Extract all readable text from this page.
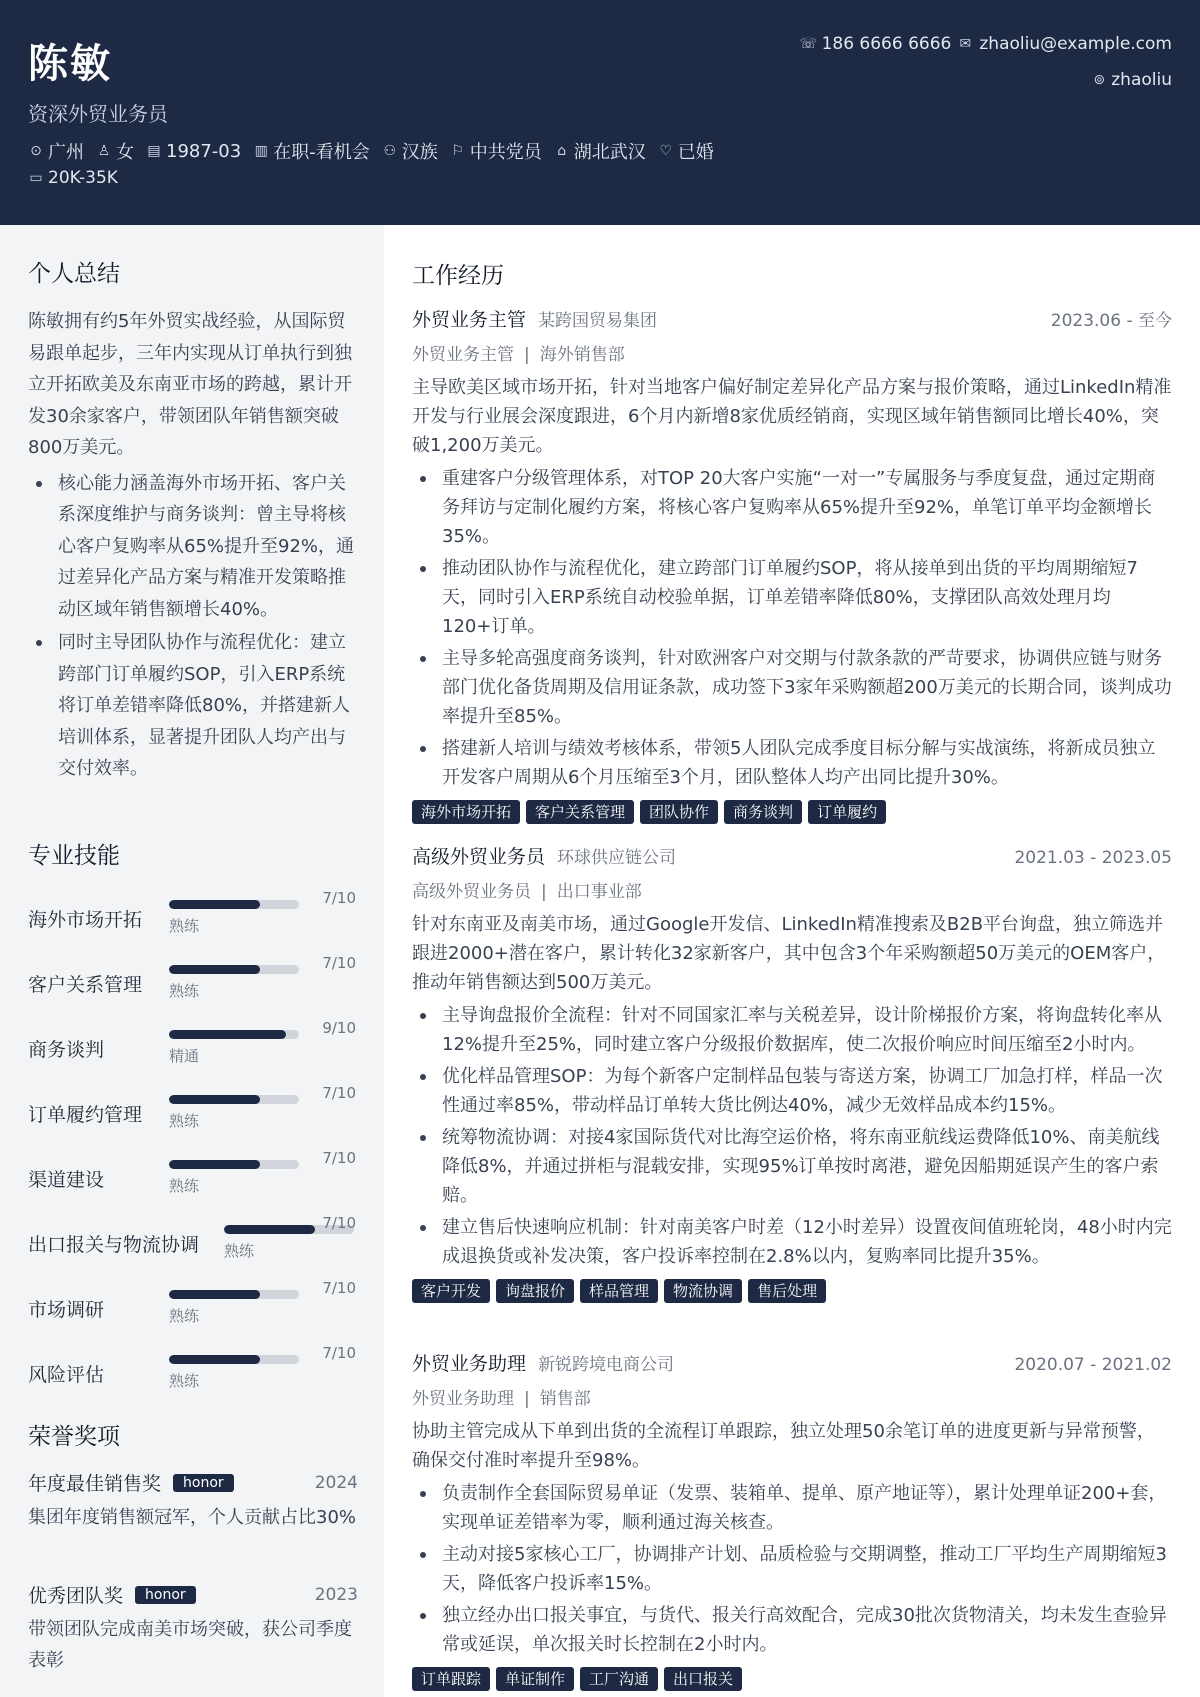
陈敏
资深外贸业务员
☏ 186 6666 6666 ✉ zhaoliu@example.com
⊚ zhaoliu
⊙ 广州 ♙ 女 ▤ 1987-03 ▥ 在职-看机会 ⚇ 汉族 ⚐ 中共党员 ⌂ 湖北武汉 ♡ 已婚
▭ 20K-35K
个人总结
陈敏拥有约5年外贸实战经验，从国际贸易跟单起步，三年内实现从订单执行到独立开拓欧美及东南亚市场的跨越，累计开发30余家客户，带领团队年销售额突破800万美元。
核心能力涵盖海外市场开拓、客户关系深度维护与商务谈判：曾主导将核心客户复购率从65%提升至92%，通过差异化产品方案与精准开发策略推动区域年销售额增长40%。
同时主导团队协作与流程优化：建立跨部门订单履约SOP，引入ERP系统将订单差错率降低80%，并搭建新人培训体系，显著提升团队人均产出与交付效率。
专业技能
海外市场开拓 熟练
7/10
客户关系管理 熟练
7/10
商务谈判	精通
9/10
订单履约管理 熟练
7/10
渠道建设	熟练
7/10
出口报关与物流协调 熟练
7/10
市场调研	熟练
7/10
风险评估	熟练
7/10
荣誉奖项
年度最佳销售奖	honor	2024
集团年度销售额冠军，个人贡献占比30%
优秀团队奖	honor	2023
带领团队完成南美市场突破，获公司季度表彰
工作经历
外贸业务主管 某跨国贸易集团	2023.06 - 至今
外贸业务主管 | 海外销售部
主导欧美区域市场开拓，针对当地客户偏好制定差异化产品方案与报价策略，通过LinkedIn精准开发与行业展会深度跟进，6个月内新增8家优质经销商，实现区域年销售额同比增长40%，突破1,200万美元。
重建客户分级管理体系，对TOP 20大客户实施“一对一”专属服务与季度复盘，通过定期商务拜访与定制化履约方案，将核心客户复购率从65%提升至92%，单笔订单平均金额增长35%。
推动团队协作与流程优化，建立跨部门订单履约SOP，将从接单到出货的平均周期缩短7天，同时引入ERP系统自动校验单据，订单差错率降低80%，支撑团队高效处理月均120+订单。
主导多轮高强度商务谈判，针对欧洲客户对交期与付款条款的严苛要求，协调供应链与财务部门优化备货周期及信用证条款，成功签下3家年采购额超200万美元的长期合同，谈判成功率提升至85%。
搭建新人培训与绩效考核体系，带领5人团队完成季度目标分解与实战演练，将新成员独立开发客户周期从6个月压缩至3个月，团队整体人均产出同比提升30%。
海外市场开拓	客户关系管理	团队协作	商务谈判	订单履约
高级外贸业务员 环球供应链公司	2021.03 - 2023.05
高级外贸业务员 | 出口事业部
针对东南亚及南美市场，通过Google开发信、LinkedIn精准搜索及B2B平台询盘，独立筛选并跟进2000+潜在客户，累计转化32家新客户，其中包含3个年采购额超50万美元的OEM客户，推动年销售额达到500万美元。
主导询盘报价全流程：针对不同国家汇率与关税差异，设计阶梯报价方案，将询盘转化率从12%提升至25%，同时建立客户分级报价数据库，使二次报价响应时间压缩至2小时内。
优化样品管理SOP：为每个新客户定制样品包装与寄送方案，协调工厂加急打样，样品一次性通过率85%，带动样品订单转大货比例达40%，减少无效样品成本约15%。
统筹物流协调：对接4家国际货代对比海空运价格，将东南亚航线运费降低10%、南美航线降低8%，并通过拼柜与混载安排，实现95%订单按时离港，避免因船期延误产生的客户索赔。
建立售后快速响应机制：针对南美客户时差（12小时差异）设置夜间值班轮岗，48小时内完成退换货或补发决策，客户投诉率控制在2.8%以内，复购率同比提升35%。
客户开发	询盘报价	样品管理	物流协调	售后处理
外贸业务助理 新锐跨境电商公司	2020.07 - 2021.02
外贸业务助理 | 销售部
协助主管完成从下单到出货的全流程订单跟踪，独立处理50余笔订单的进度更新与异常预警，确保交付准时率提升至98%。
负责制作全套国际贸易单证（发票、装箱单、提单、原产地证等），累计处理单证200+套，实现单证差错率为零，顺利通过海关核查。
主动对接5家核心工厂，协调排产计划、品质检验与交期调整，推动工厂平均生产周期缩短3天，降低客户投诉率15%。
独立经办出口报关事宜，与货代、报关行高效配合，完成30批次货物清关，均未发生查验异常或延误，单次报关时长控制在2小时内。
订单跟踪	单证制作	工厂沟通	出口报关
